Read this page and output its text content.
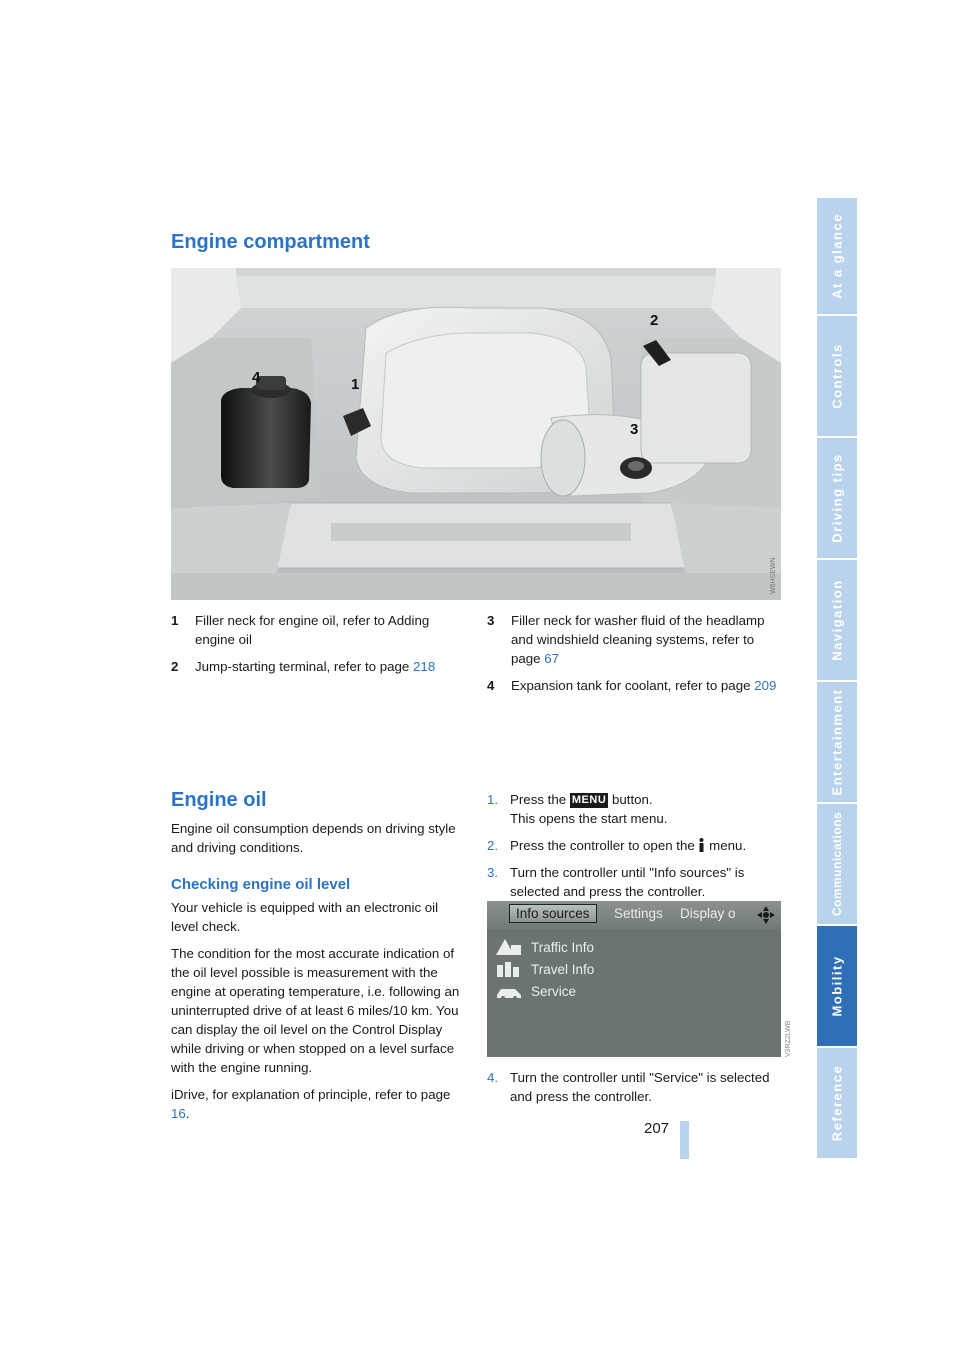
At a glance
Controls
Driving tips
Navigation
Entertainment
Communications
Mobility
Reference
Engine compartment
1
2
3
4
W6HSEWN
1	Filler neck for engine oil, refer to Adding engine oil
2	Jump-starting terminal, refer to page 218
3	Filler neck for washer fluid of the headlamp and windshield cleaning systems, refer to page 67
4	Expansion tank for coolant, refer to page 209
Engine oil

Engine oil consumption depends on driving style and driving conditions.

Checking engine oil level

Your vehicle is equipped with an electronic oil level check.

The condition for the most accurate indication of the oil level possible is measurement with the engine at operating temperature, i.e. following an uninterrupted drive of at least 6 miles/10 km. You can display the oil level on the Control Display while driving or when stopped on a level surface with the engine running.

iDrive, for explanation of principle, refer to page 16.

1. Press the MENU button.
This opens the start menu.
2. Press the controller to open the  menu.
3. Turn the controller until "Info sources" is selected and press the controller.
Info sources	Settings Display o
Traffic Info
Travel Info
Service
V3RZ2LWB
4. Turn the controller until "Service" is selected and press the controller.
207
